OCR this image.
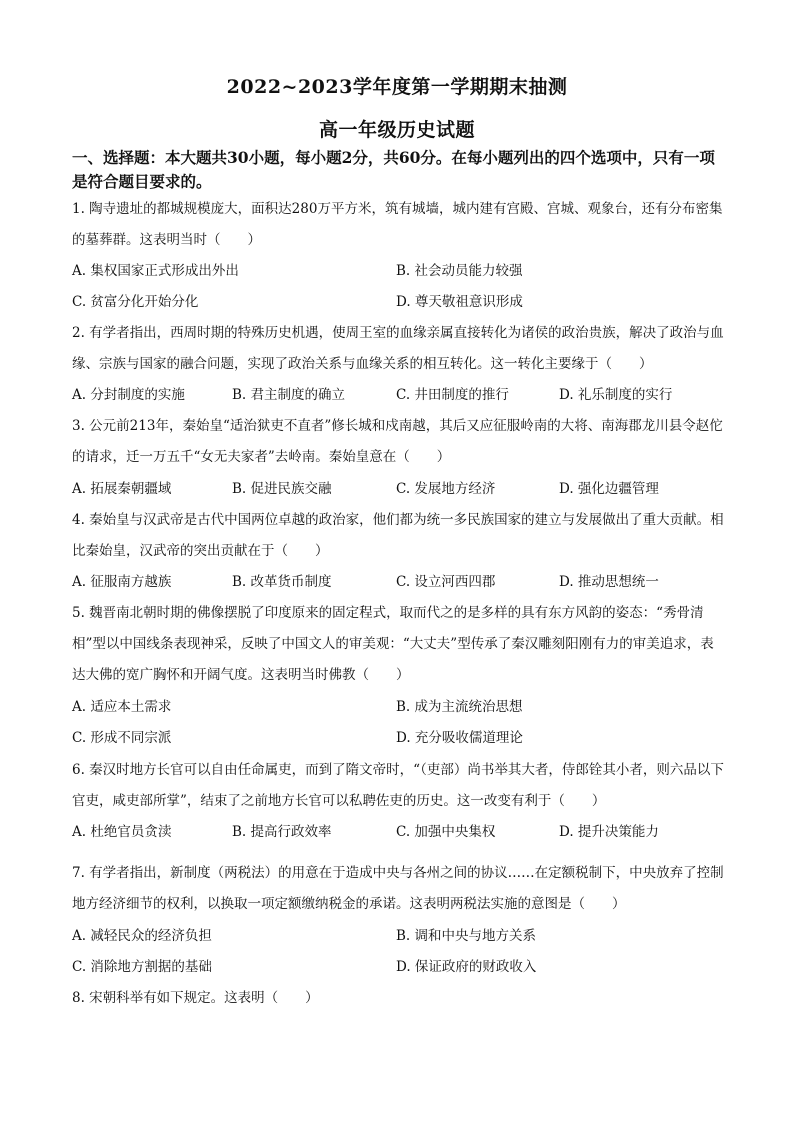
2022~2023学年度第一学期期末抽测
高一年级历史试题
一、选择题：本大题共30小题，每小题2分，共60分。在每小题列出的四个选项中，只有一项是符合题目要求的。
1. 陶寺遗址的都城规模庞大，面积达280万平方米，筑有城墙，城内建有宫殿、宫城、观象台，还有分布密集的墓葬群。这表明当时（　　）
A. 集权国家正式形成出外出	B. 社会动员能力较强
C. 贫富分化开始分化	D. 尊天敬祖意识形成
2. 有学者指出，西周时期的特殊历史机遇，使周王室的血缘亲属直接转化为诸侯的政治贵族，解决了政治与血缘、宗族与国家的融合问题，实现了政治关系与血缘关系的相互转化。这一转化主要缘于（　　）
A. 分封制度的实施	B. 君主制度的确立	C. 井田制度的推行	D. 礼乐制度的实行
3. 公元前213年，秦始皇“适治狱吏不直者”修长城和戍南越，其后又应征服岭南的大将、南海郡龙川县令赵佗的请求，迁一万五千“女无夫家者”去岭南。秦始皇意在（　　）
A. 拓展秦朝疆域	B. 促进民族交融	C. 发展地方经济	D. 强化边疆管理
4. 秦始皇与汉武帝是古代中国两位卓越的政治家，他们都为统一多民族国家的建立与发展做出了重大贡献。相比秦始皇，汉武帝的突出贡献在于（　　）
A. 征服南方越族	B. 改革货币制度	C. 设立河西四郡	D. 推动思想统一
5. 魏晋南北朝时期的佛像摆脱了印度原来的固定程式，取而代之的是多样的具有东方风韵的姿态：“秀骨清相”型以中国线条表现神采，反映了中国文人的审美观：“大丈夫”型传承了秦汉雕刻阳刚有力的审美追求，表达大佛的宽广胸怀和开阔气度。这表明当时佛教（　　）
A. 适应本土需求	B. 成为主流统治思想
C. 形成不同宗派	D. 充分吸收儒道理论
6. 秦汉时地方长官可以自由任命属吏，而到了隋文帝时，“（吏部）尚书举其大者，侍郎铨其小者，则六品以下官吏，咸吏部所掌”，结束了之前地方长官可以私聘佐吏的历史。这一改变有利于（　　）
A. 杜绝官员贪渎	B. 提高行政效率	C. 加强中央集权	D. 提升决策能力
7. 有学者指出，新制度（两税法）的用意在于造成中央与各州之间的协议……在定额税制下，中央放弃了控制地方经济细节的权利，以换取一项定额缴纳税金的承诺。这表明两税法实施的意图是（　　）
A. 减轻民众的经济负担	B. 调和中央与地方关系
C. 消除地方割据的基础	D. 保证政府的财政收入
8. 宋朝科举有如下规定。这表明（　　）
